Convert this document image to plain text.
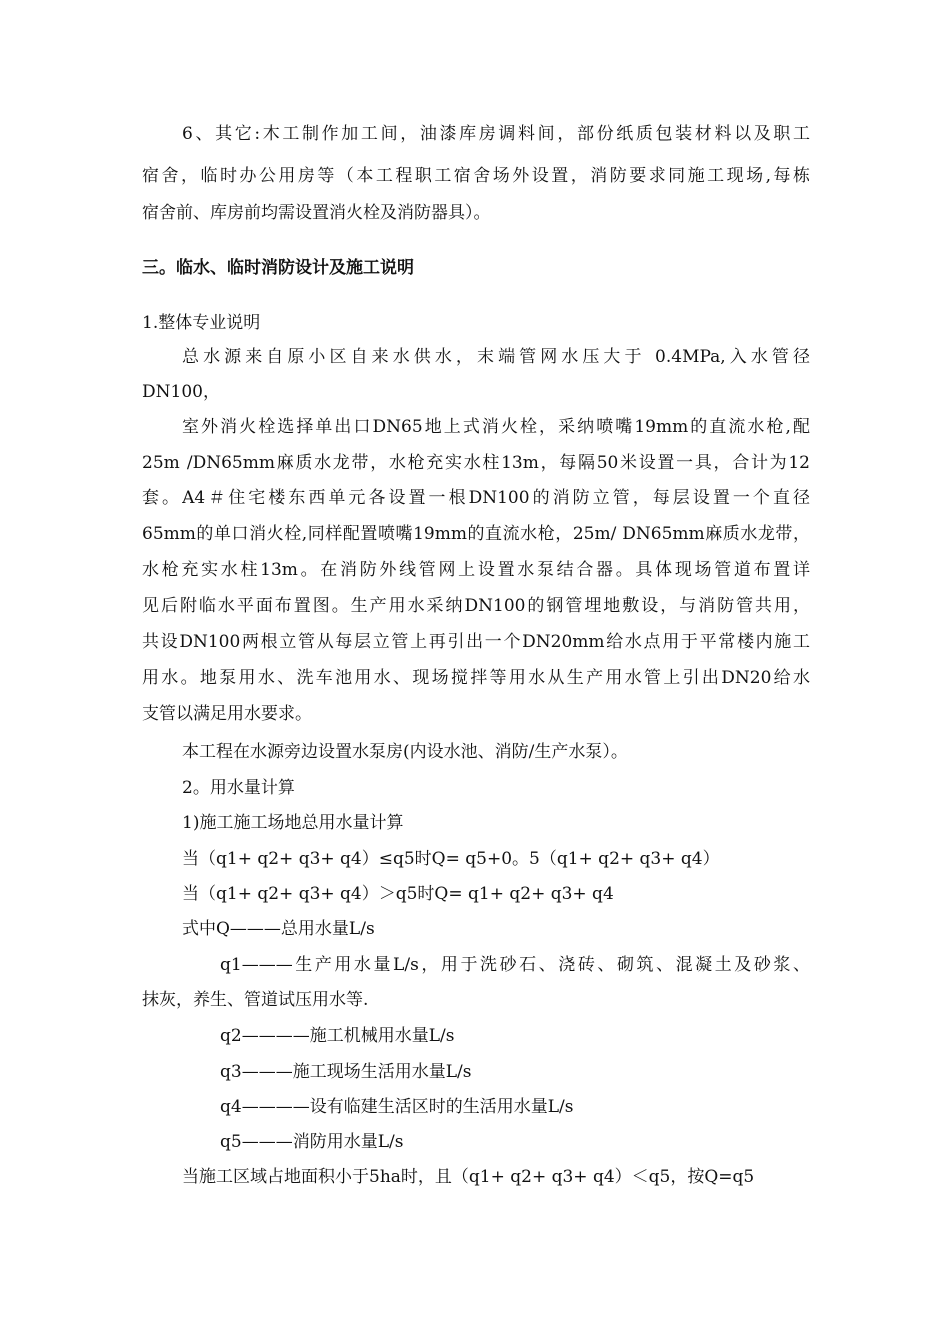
6、其它:木工制作加工间，油漆库房调料间，部份纸质包装材料以及职工
宿舍，临时办公用房等（本工程职工宿舍场外设置，消防要求同施工现场,每栋
宿舍前、库房前均需设置消火栓及消防器具）。
三。临水、临时消防设计及施工说明
1.整体专业说明
总水源来自原小区自来水供水，末端管网水压大于 0.4MPa,入水管径
DN100，
室外消火栓选择单出口DN65地上式消火栓，采纳喷嘴19mm的直流水枪,配
25m /DN65mm麻质水龙带，水枪充实水柱13m，每隔50米设置一具，合计为12
套。A4＃住宅楼东西单元各设置一根DN100的消防立管，每层设置一个直径
65mm的单口消火栓,同样配置喷嘴19mm的直流水枪，25m/ DN65mm麻质水龙带，
水枪充实水柱13m。在消防外线管网上设置水泵结合器。具体现场管道布置详
见后附临水平面布置图。生产用水采纳DN100的钢管埋地敷设，与消防管共用，
共设DN100两根立管从每层立管上再引出一个DN20mm给水点用于平常楼内施工
用水。地泵用水、洗车池用水、现场搅拌等用水从生产用水管上引出DN20给水
支管以满足用水要求。
本工程在水源旁边设置水泵房(内设水池、消防/生产水泵）。
2。用水量计算
1)施工施工场地总用水量计算
当（q1+ q2+ q3+ q4）≤q5时Q= q5+0。5（q1+ q2+ q3+ q4）
当（q1+ q2+ q3+ q4）＞q5时Q= q1+ q2+ q3+ q4
式中Q———总用水量L/s
q1———生产用水量L/s，用于洗砂石、浇砖、砌筑、混凝土及砂浆、
抹灰，养生、管道试压用水等.
q2————施工机械用水量L/s
q3———施工现场生活用水量L/s
q4————设有临建生活区时的生活用水量L/s
q5———消防用水量L/s
当施工区域占地面积小于5ha时，且（q1+ q2+ q3+ q4）＜q5，按Q=q5
